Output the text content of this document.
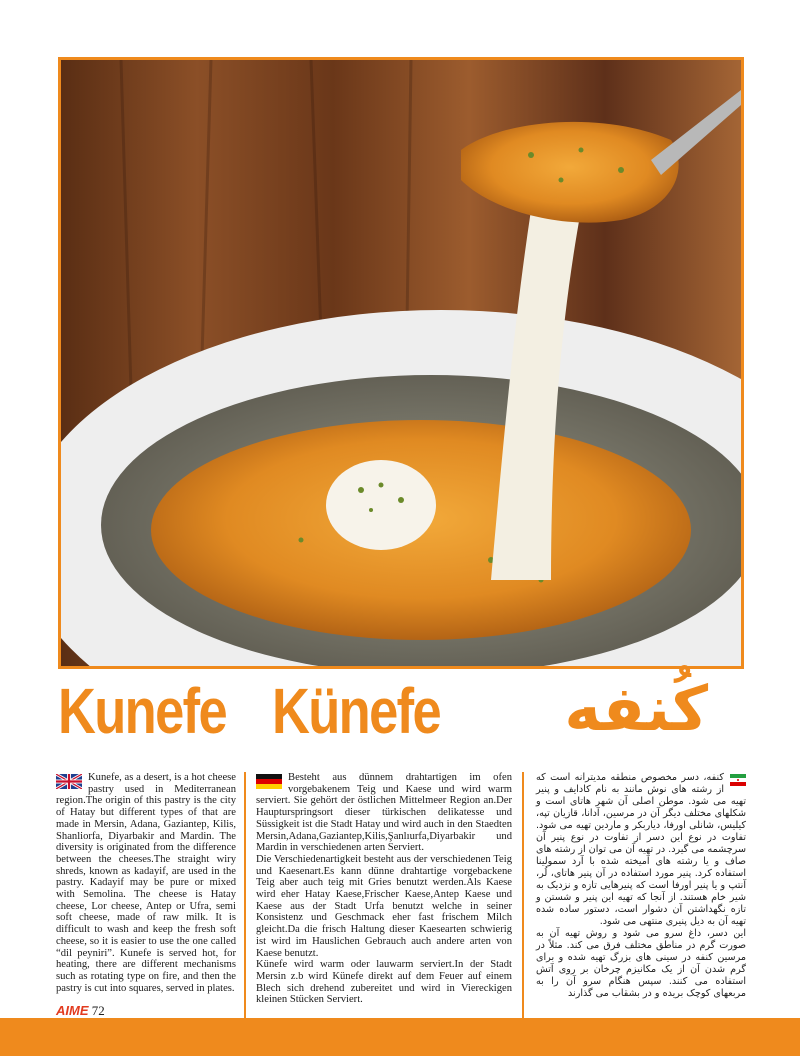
Kunefe Künefe کُنفه

Kunefe, as a desert, is a hot cheese pastry used in Mediterranean region.The origin of this pastry is the city of Hatay but different types of that are made in Mersin, Adana, Gaziantep, Kilis, Shanliorfa, Diyarbakir and Mardin. The diversity is originated from the difference between the cheeses.The straight wiry shreds, known as kadayif, are used in the pastry. Kadayif may be pure or mixed with Semolina. The cheese is Hatay cheese, Lor cheese, Antep or Ufra, semi soft cheese, made of raw milk. It is difficult to wash and keep the fresh soft cheese, so it is easier to use the one called “dil peyniri”. Kunefe is served hot, for heating, there are different mechanisms such as rotating type on fire, and then the pastry is cut into squares, served in plates.

Besteht aus dünnem drahtartigen im ofen vorgebakenem Teig und Kaese und wird warm serviert. Sie gehört der östlichen Mittelmeer Region an.Der Haupturspringsort dieser türkischen delikatesse und Süssigkeit ist die Stadt Hatay und wird auch in den Staedten Mersin,Adana,Gaziantep,Kilis,Şanlıurfa,Diyarbakir und Mardin in verschiedenen arten Serviert.
Die Verschiedenartigkeit besteht aus der verschiedenen Teig und Kaesenart.Es kann dünne drahtartige vorgebackene Teig aber auch teig mit Gries benutzt werden.Als Kaese wird eher Hatay Kaese,Frischer Kaese,Antep Kaese und Kaese aus der Stadt Urfa benutzt welche in seiner Konsistenz und Geschmack eher fast frischem Milch gleicht.Da die frisch Haltung dieser Kaesearten schwierig ist wird im Hauslichen Gebrauch auch andere arten von Kaese benutzt.
Künefe wird warm oder lauwarm serviert.In der Stadt Mersin z.b wird Künefe direkt auf dem Feuer auf einem Blech sich drehend zubereitet und wird in Viereckigen kleinen Stücken Serviert.

کنفه، دسر مخصوص منطقه مدیترانه است که از رشته های نوش مانند به نام کادایف و پنیر تهیه می شود. موطن اصلی آن شهر هاتای است و شکلهای مختلف دیگر آن در مرسین، آدانا، قازیان تپه، کیلیس، شانلی اورفا، دیاربکر و ماردین تهیه می شود. تفاوت در نوع این دسر از تفاوت در نوع پنیر آن سرچشمه می گیرد. در تهیه آن می توان از رشته های صاف و یا رشته های آمیخته شده با آرد سمولینا استفاده کرد. پنیر مورد استفاده در آن پنیر هاتای، لُر، آنتپ و یا پنیر اورفا است که پنیرهایی تازه و نزدیک به شیر خام هستند. از آنجا که تهیه این پنیر و شستن و تازه نگهداشتن آن دشوار است، دستور ساده شده تهیه آن به دیل پنیری منتهی می شود.
این دسر، داغ سرو می شود و روش تهیه آن به صورت گرم در مناطق مختلف فرق می کند. مثلاً در مرسین کنفه در سینی های بزرگ تهیه شده و برای گرم شدن آن از یک مکانیزم چرخان بر روی آتش استفاده می کنند. سپس هنگام سرو آن را به مربعهای کوچک بریده و در بشقاب می گذارند

AIME 72
